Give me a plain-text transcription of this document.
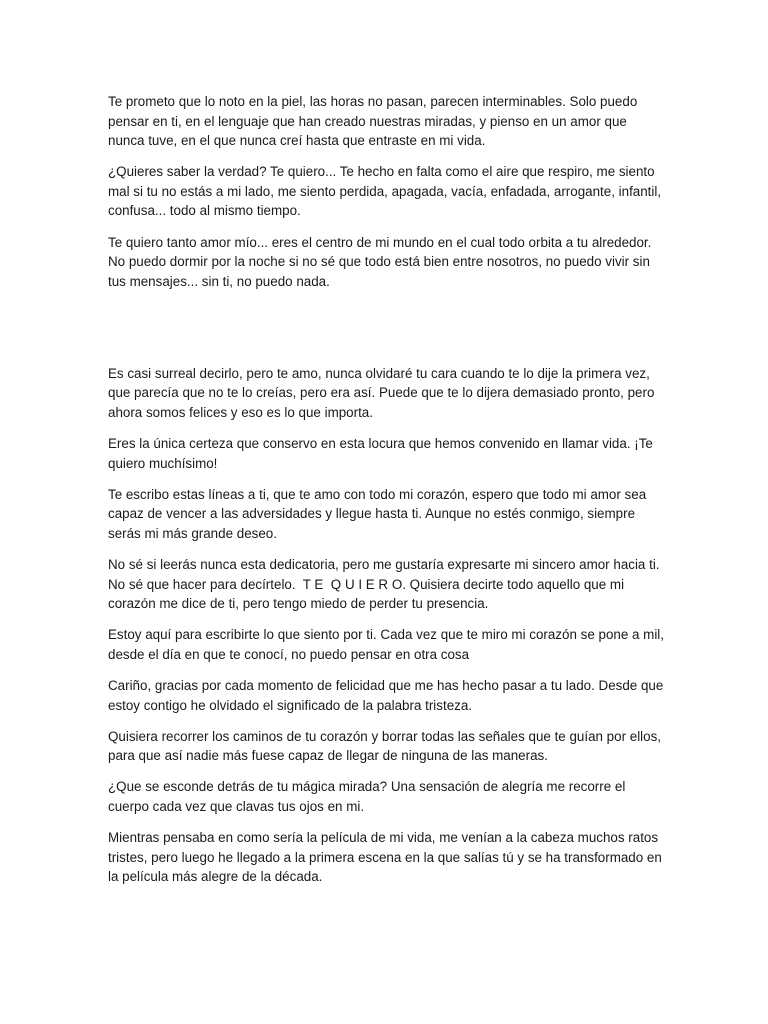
Te prometo que lo noto en la piel, las horas no pasan, parecen interminables. Solo puedo pensar en ti, en el lenguaje que han creado nuestras miradas, y pienso en un amor que nunca tuve, en el que nunca creí hasta que entraste en mi vida.

¿Quieres saber la verdad? Te quiero... Te hecho en falta como el aire que respiro, me siento mal si tu no estás a mi lado, me siento perdida, apagada, vacía, enfadada, arrogante, infantil, confusa... todo al mismo tiempo.

Te quiero tanto amor mío... eres el centro de mi mundo en el cual todo orbita a tu alrededor. No puedo dormir por la noche si no sé que todo está bien entre nosotros, no puedo vivir sin tus mensajes... sin ti, no puedo nada.

Es casi surreal decirlo, pero te amo, nunca olvidaré tu cara cuando te lo dije la primera vez, que parecía que no te lo creías, pero era así. Puede que te lo dijera demasiado pronto, pero ahora somos felices y eso es lo que importa.

Eres la única certeza que conservo en esta locura que hemos convenido en llamar vida. ¡Te quiero muchísimo!

Te escribo estas líneas a ti, que te amo con todo mi corazón, espero que todo mi amor sea capaz de vencer a las adversidades y llegue hasta ti. Aunque no estés conmigo, siempre serás mi más grande deseo.

No sé si leerás nunca esta dedicatoria, pero me gustaría expresarte mi sincero amor hacia ti. No sé que hacer para decírtelo.  T E  Q U I E R O. Quisiera decirte todo aquello que mi corazón me dice de ti, pero tengo miedo de perder tu presencia.

Estoy aquí para escribirte lo que siento por ti. Cada vez que te miro mi corazón se pone a mil, desde el día en que te conocí, no puedo pensar en otra cosa

Cariño, gracias por cada momento de felicidad que me has hecho pasar a tu lado. Desde que estoy contigo he olvidado el significado de la palabra tristeza.

Quisiera recorrer los caminos de tu corazón y borrar todas las señales que te guían por ellos, para que así nadie más fuese capaz de llegar de ninguna de las maneras.

¿Que se esconde detrás de tu mágica mirada? Una sensación de alegría me recorre el cuerpo cada vez que clavas tus ojos en mi.

Mientras pensaba en como sería la película de mi vida, me venían a la cabeza muchos ratos tristes, pero luego he llegado a la primera escena en la que salías tú y se ha transformado en la película más alegre de la década.
